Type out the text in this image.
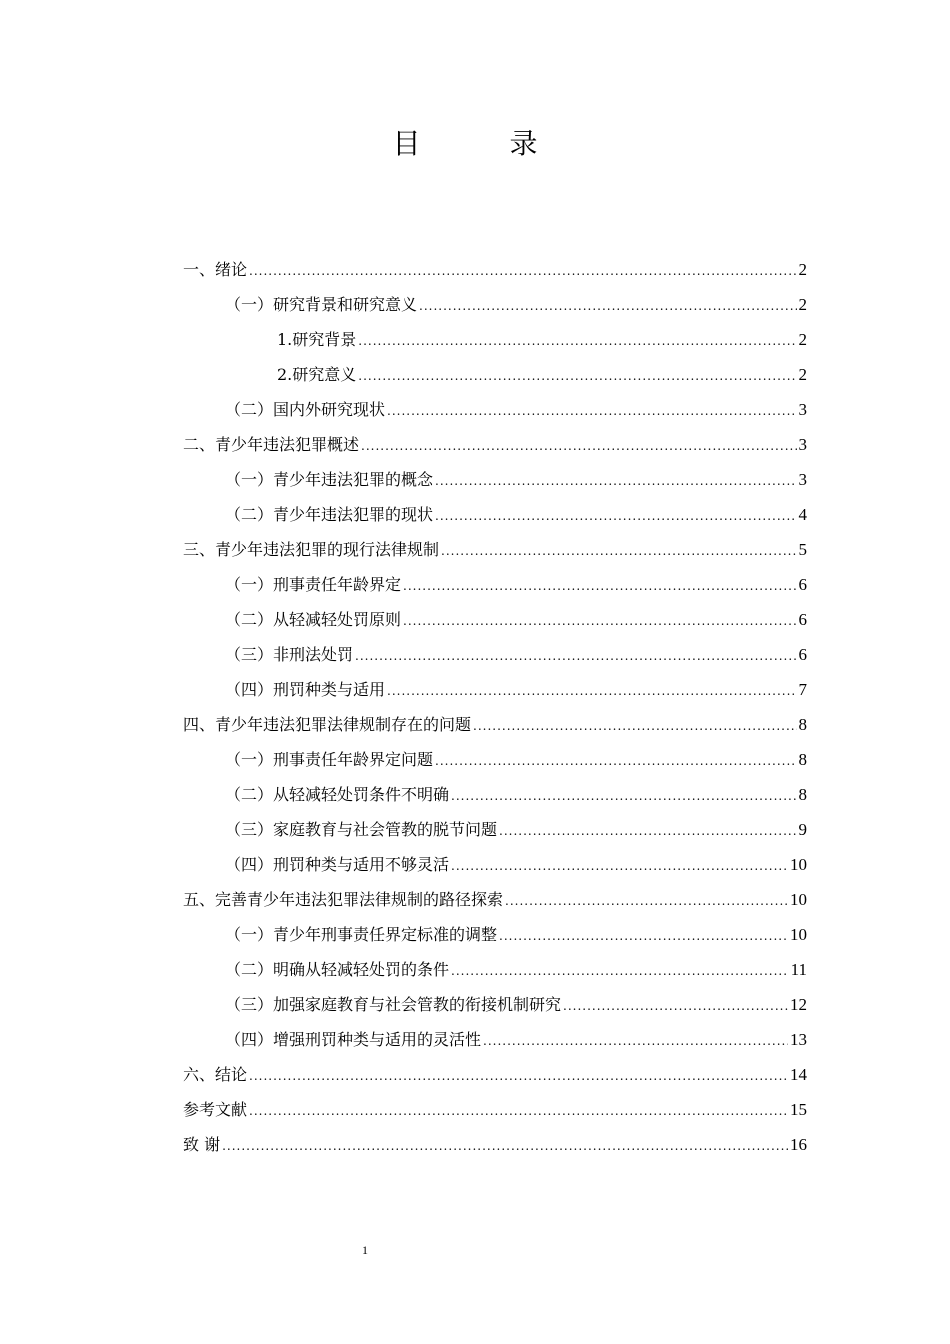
目 录
一、绪论 .....	2
（一）研究背景和研究意义 .....	2
1.研究背景 .....	2
2.研究意义 .....	2
（二）国内外研究现状 .....	3
二、青少年违法犯罪概述 .....	3
（一）青少年违法犯罪的概念 .....	3
（二）青少年违法犯罪的现状 .....	4
三、青少年违法犯罪的现行法律规制 .....	5
（一）刑事责任年龄界定 .....	6
（二）从轻减轻处罚原则 .....	6
（三）非刑法处罚 .....	6
（四）刑罚种类与适用 .....	7
四、青少年违法犯罪法律规制存在的问题 .....	8
（一）刑事责任年龄界定问题 .....	8
（二）从轻减轻处罚条件不明确 .....	8
（三）家庭教育与社会管教的脱节问题 .....	9
（四）刑罚种类与适用不够灵活 .....	10
五、完善青少年违法犯罪法律规制的路径探索 .....	10
（一）青少年刑事责任界定标准的调整 .....	10
（二）明确从轻减轻处罚的条件 .....	11
（三）加强家庭教育与社会管教的衔接机制研究 .....	12
（四）增强刑罚种类与适用的灵活性 .....	13
六、结论 .....	14
参考文献 .....	15
致 谢 .....	16
1
